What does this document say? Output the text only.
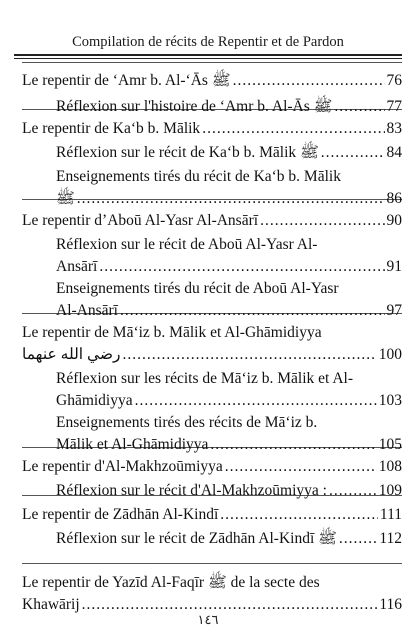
Compilation de récits de Repentir et de Pardon
Le repentir de ‘Amr b. Al-‘Ās ﷺ .....	76
Réflexion sur l'histoire de ‘Amr b. Al-Ās ﷺ .....	77
Le repentir de Ka‘b b. Mālik .....	83
Réflexion sur le récit de Ka‘b b. Mālik ﷺ .....	84
Enseignements tirés du récit de Ka‘b b. Mālik
ﷺ .....	86
Le repentir d’Aboū Al-Yasr Al-Ansārī .....	90
Réflexion sur le récit de Aboū Al-Yasr Al-
Ansārī .....	91
Enseignements tirés du récit de Aboū Al-Yasr
Al-Ansārī .....	97
Le repentir de Mā‘iz b. Mālik et Al-Ghāmidiyya
رضي الله عنهما .....	100
Réflexion sur les récits de Mā‘iz b. Mālik et Al-
Ghāmidiyya .....	103
Enseignements tirés des récits de Mā‘iz b.
Mālik et Al-Ghāmidiyya .....	105
Le repentir d'Al-Makhzoūmiyya .....	108
Réflexion sur le récit d'Al-Makhzoūmiyya : .....	109
Le repentir de Zādhān Al-Kindī .....	111
Réflexion sur le récit de Zādhān Al-Kindī ﷺ .....	112
Le repentir de Yazīd Al-Faqīr ﷺ de la secte des
Khawārij .....	116
١٤٦
